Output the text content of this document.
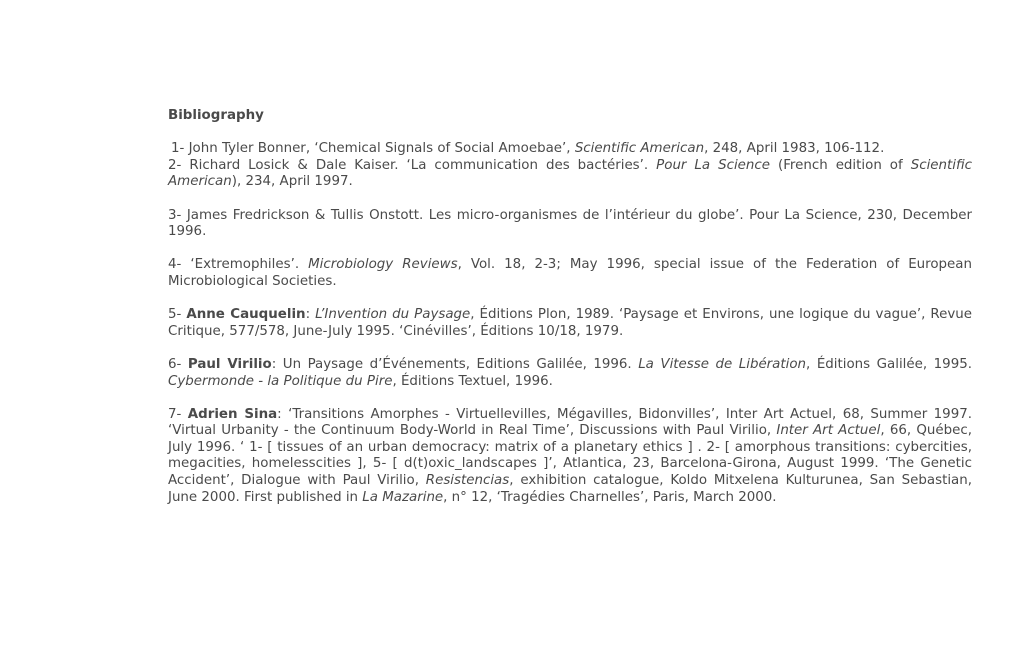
Bibliography

1- John Tyler Bonner, ‘Chemical Signals of Social Amoebae’, Scientific American, 248, April 1983, 106-112.

2- Richard Losick & Dale Kaiser. ‘La communication des bactéries’. Pour La Science (French edition of Scientific American), 234, April 1997.

3- James Fredrickson & Tullis Onstott. Les micro-organismes de l’intérieur du globe’. Pour La Science, 230, December 1996.

4- ‘Extremophiles’. Microbiology Reviews, Vol. 18, 2-3; May 1996, special issue of the Federation of European Microbiological Societies.

5- Anne Cauquelin: L’Invention du Paysage, Éditions Plon, 1989. ‘Paysage et Environs, une logique du vague’, Revue Critique, 577/578, June-July 1995. ‘Cinévilles’, Éditions 10/18, 1979.

6- Paul Virilio: Un Paysage d’Événements, Editions Galilée, 1996. La Vitesse de Libération, Éditions Galilée, 1995. Cybermonde - la Politique du Pire, Éditions Textuel, 1996.

7- Adrien Sina: ‘Transitions Amorphes - Virtuellevilles, Mégavilles, Bidonvilles’, Inter Art Actuel, 68, Summer 1997. ‘Virtual Urbanity - the Continuum Body-World in Real Time’, Discussions with Paul Virilio, Inter Art Actuel, 66, Québec, July 1996. ‘ 1- [ tissues of an urban democracy: matrix of a planetary ethics ] . 2- [ amorphous transitions: cybercities, megacities, homelesscities ], 5- [ d(t)oxic_landscapes ]’, Atlantica, 23, Barcelona-Girona, August 1999. ‘The Genetic Accident’, Dialogue with Paul Virilio, Resistencias, exhibition catalogue, Koldo Mitxelena Kulturunea, San Sebastian, June 2000. First published in La Mazarine, n° 12, ‘Tragédies Charnelles’, Paris, March 2000.
